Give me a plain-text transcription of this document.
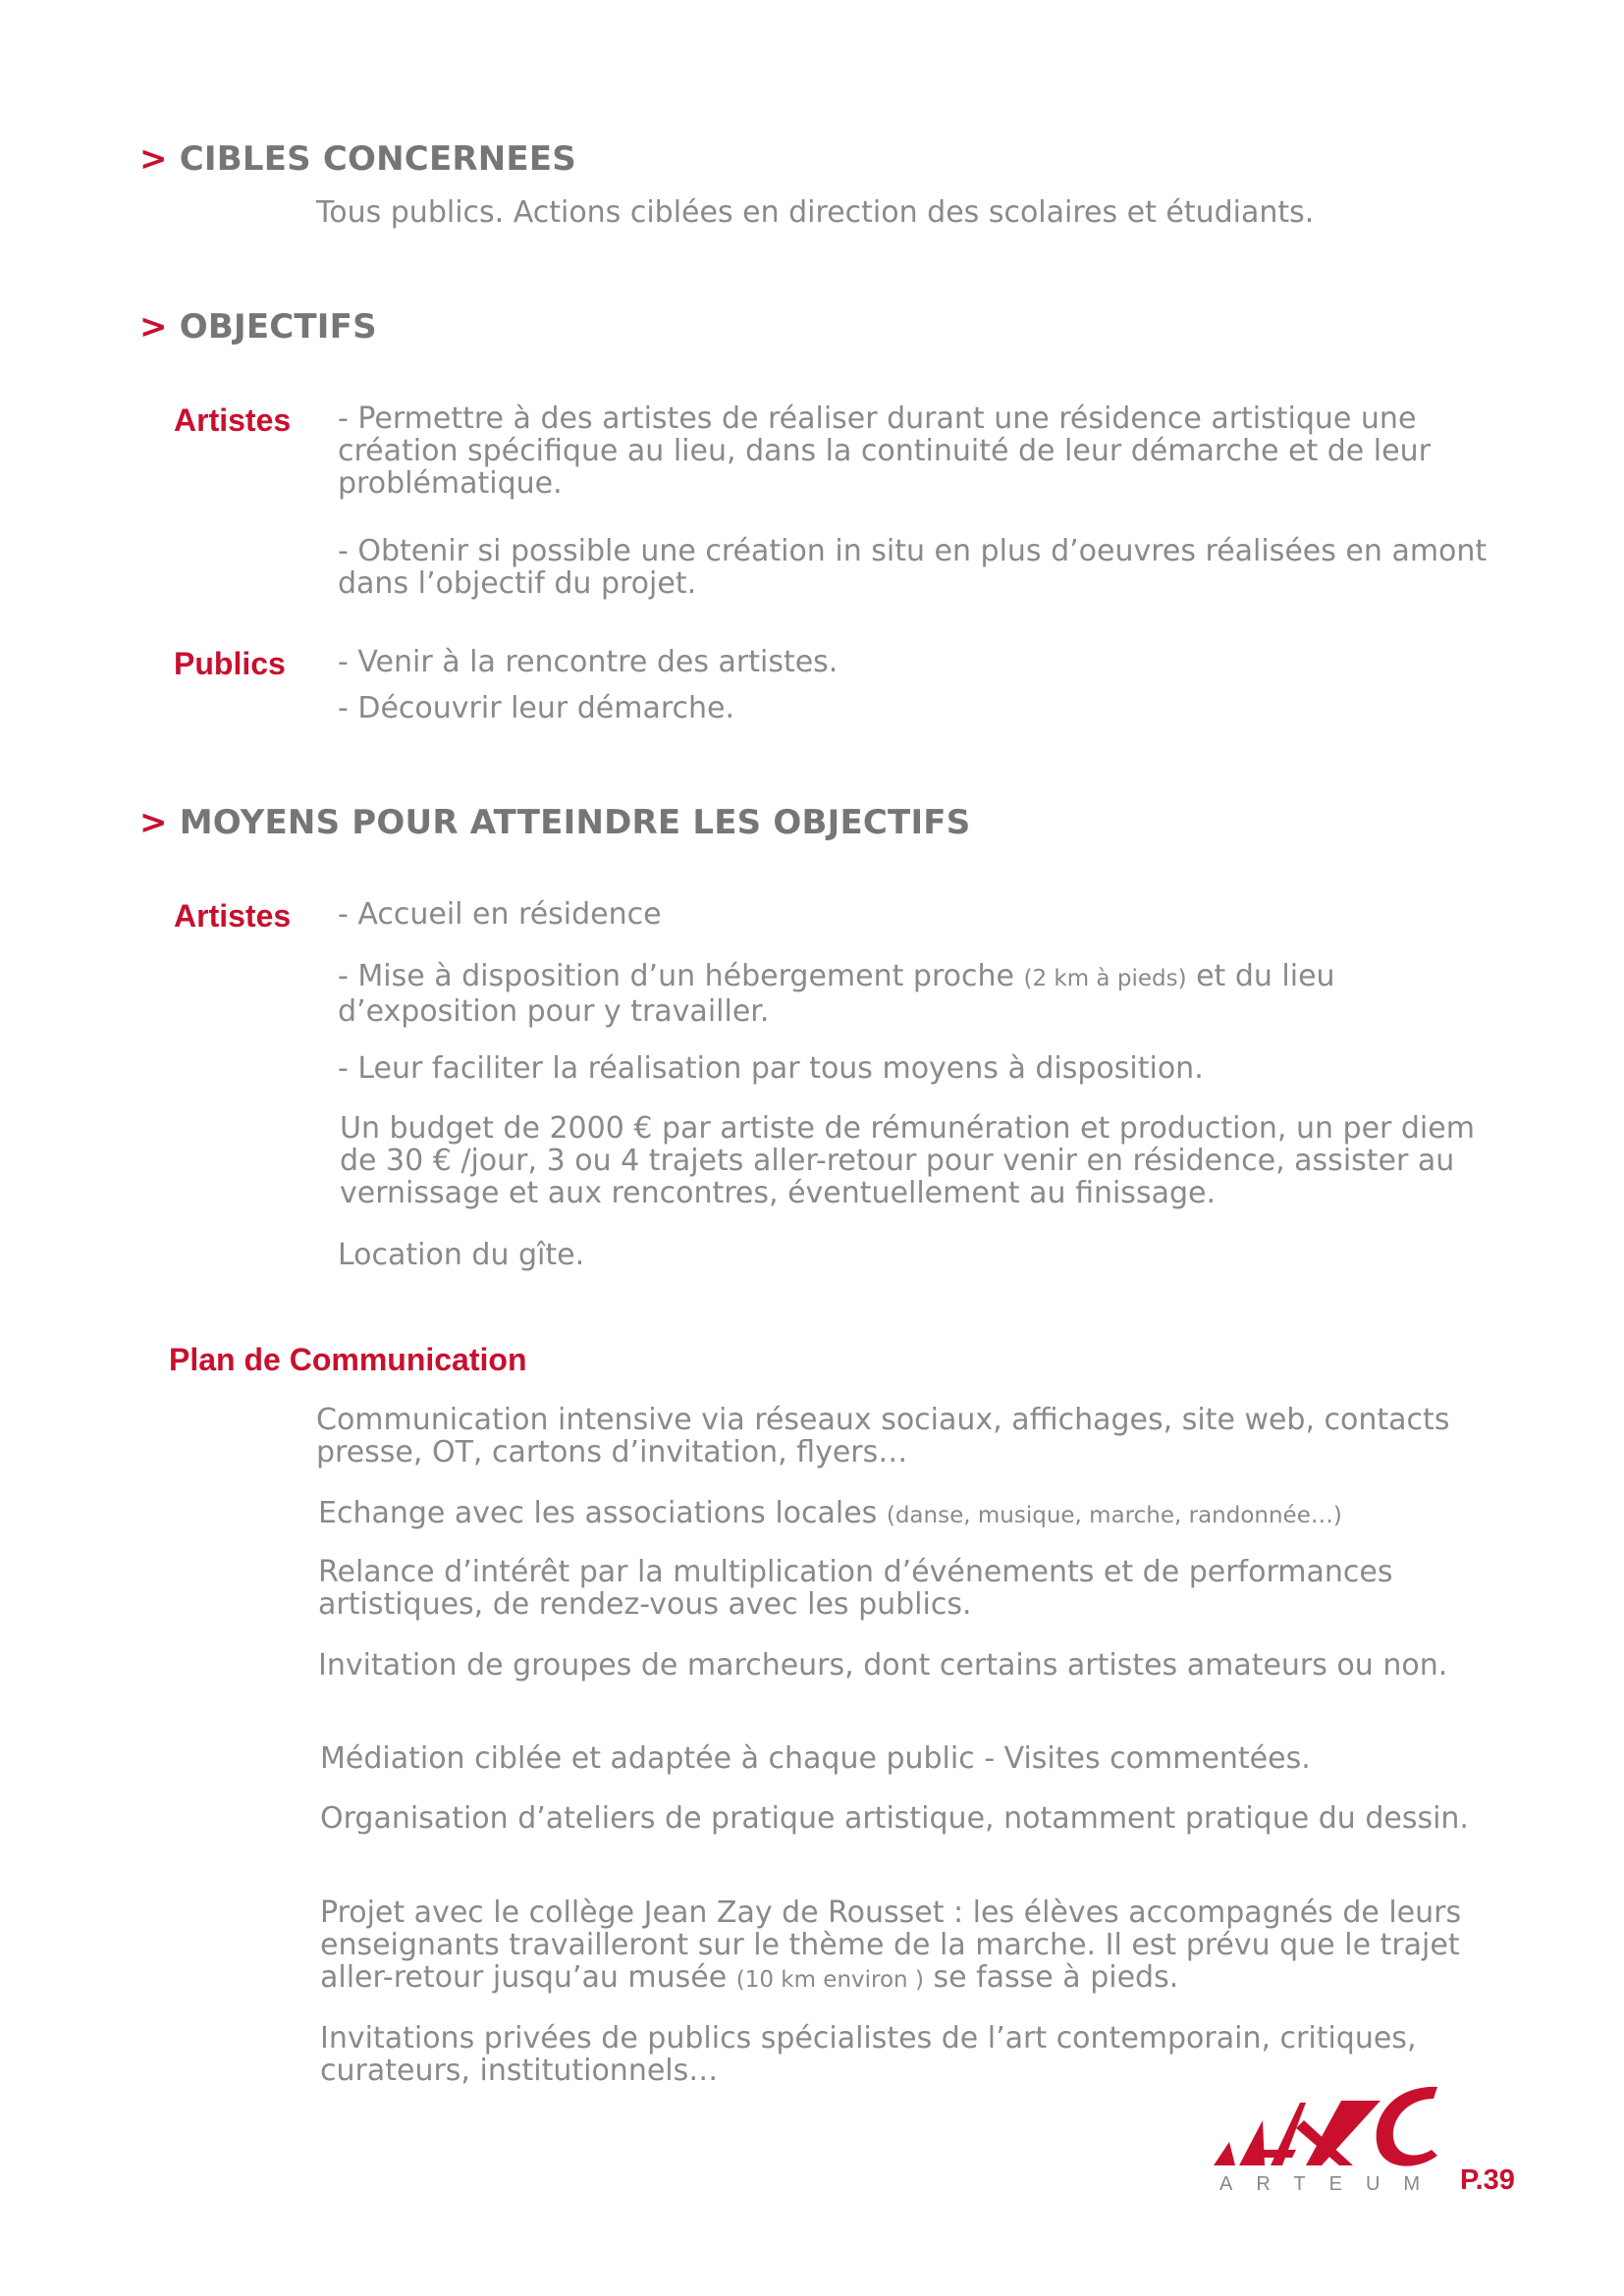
> CIBLES CONCERNEES

Tous publics. Actions ciblées en direction des scolaires et étudiants.

> OBJECTIFS
Artistes - Permettre à des artistes de réaliser durant une résidence artistique une création spécifique au lieu, dans la continuité de leur démarche et de leur problématique.

- Obtenir si possible une création in situ en plus d’oeuvres réalisées en amont dans l’objectif du projet.

Publics - Venir à la rencontre des artistes.

- Découvrir leur démarche.

> MOYENS POUR ATTEINDRE LES OBJECTIFS
Artistes - Accueil en résidence

- Mise à disposition d’un hébergement proche (2 km à pieds) et du lieu d’exposition pour y travailler.

- Leur faciliter la réalisation par tous moyens à disposition.

Un budget de 2000 € par artiste de rémunération et production, un per diem de 30 € /jour, 3 ou 4 trajets aller-retour pour venir en résidence, assister au vernissage et aux rencontres, éventuellement au finissage.

Location du gîte.

Plan de Communication

Communication intensive via réseaux sociaux, affichages, site web, contacts presse, OT, cartons d’invitation, flyers…

Echange avec les associations locales (danse, musique, marche, randonnée…)

Relance d’intérêt par la multiplication d’événements et de performances artistiques, de rendez-vous avec les publics.

Invitation de groupes de marcheurs, dont certains artistes amateurs ou non.

Médiation ciblée et adaptée à chaque public - Visites commentées.

Organisation d’ateliers de pratique artistique, notamment pratique du dessin.

Projet avec le collège Jean Zay de Rousset : les élèves accompagnés de leurs enseignants travailleront sur le thème de la marche. Il est prévu que le trajet aller-retour jusqu’au musée (10 km environ ) se fasse à pieds.

Invitations privées de publics spécialistes de l’art contemporain, critiques, curateurs, institutionnels…

ARTEUM P.39
